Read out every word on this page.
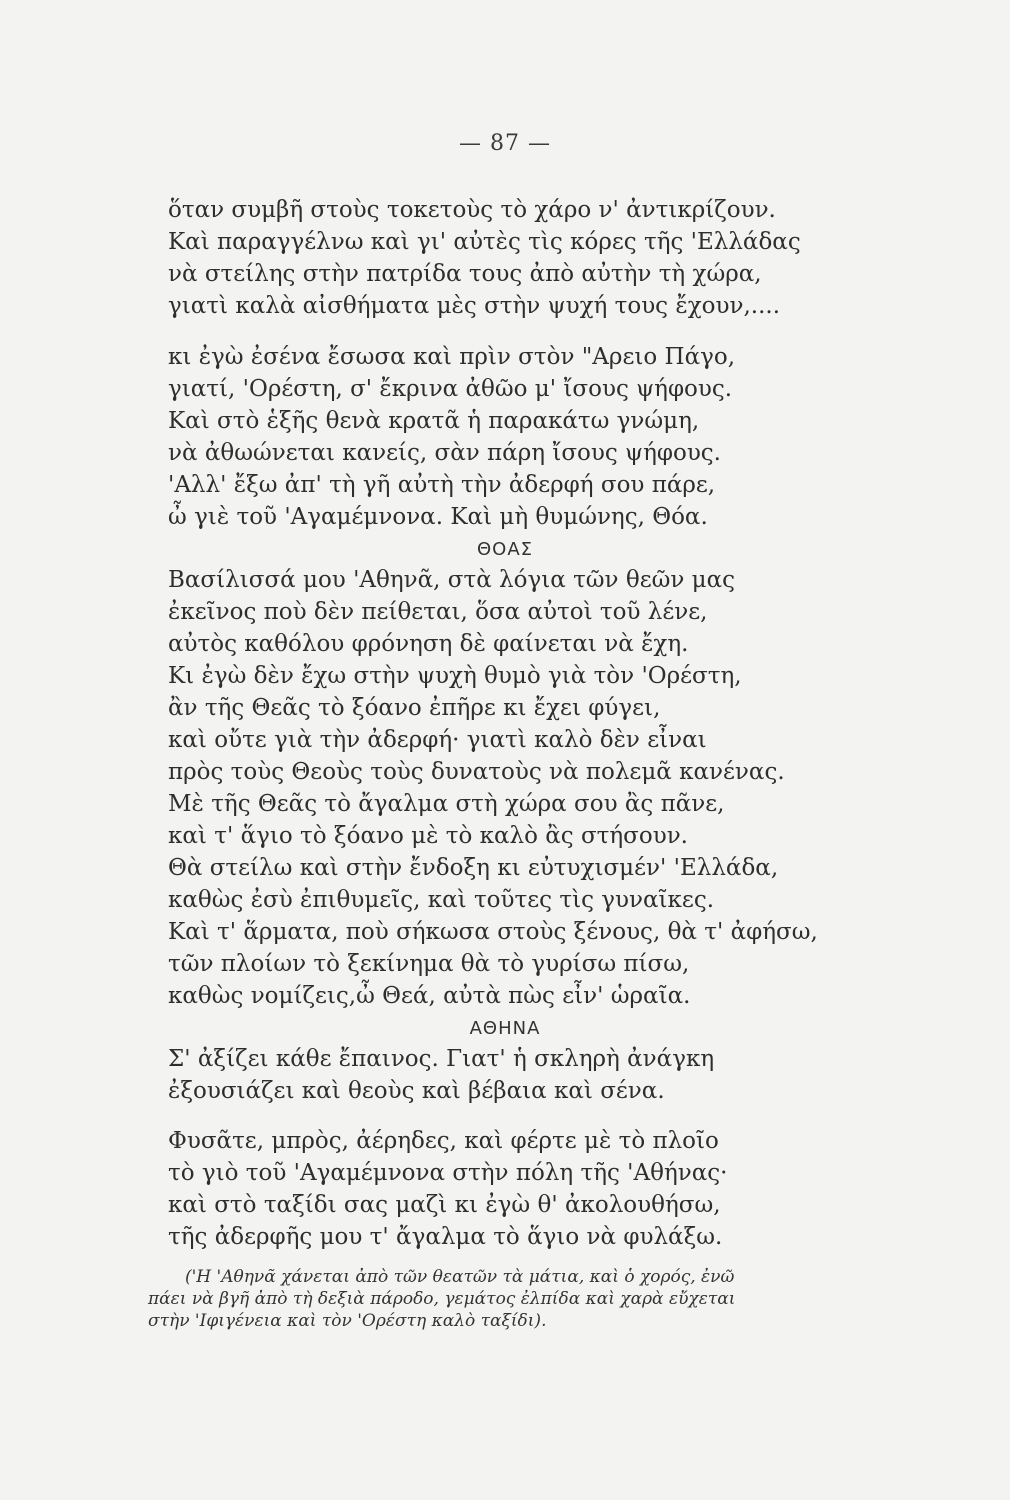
— 87 —
ὅταν συμβῆ στοὺς τοκετοὺς τὸ χάρο ν' ἀντικρίζουν.
Καὶ παραγγέλνω καὶ γι' αὐτὲς τὶς κόρες τῆς 'Ελλάδας
νὰ στείλης στὴν πατρίδα τους ἀπὸ αὐτὴν τὴ χώρα,
γιατὶ καλὰ αἰσθήματα μὲς στὴν ψυχή τους ἔχουν,....
κι ἐγὼ ἐσένα ἔσωσα καὶ πρὶν στὸν "Αρειο Πάγο,
γιατί, 'Ορέστη, σ' ἔκρινα ἀθῶο μ' ἴσους ψήφους.
Καὶ στὸ ἑξῆς θενὰ κρατᾶ ἡ παρακάτω γνώμη,
νὰ ἀθωώνεται κανείς, σὰν πάρη ἴσους ψήφους.
'Αλλ' ἔξω ἀπ' τὴ γῆ αὐτὴ τὴν ἀδερφή σου πάρε,
ὦ γιὲ τοῦ 'Αγαμέμνονα. Καὶ μὴ θυμώνης, Θόα.
ΘΟΑΣ
Βασίλισσά μου 'Αθηνᾶ, στὰ λόγια τῶν θεῶν μας
ἐκεῖνος ποὺ δὲν πείθεται, ὅσα αὐτοὶ τοῦ λένε,
αὐτὸς καθόλου φρόνηση δὲ φαίνεται νὰ ἔχη.
Κι ἐγὼ δὲν ἔχω στὴν ψυχὴ θυμὸ γιὰ τὸν 'Ορέστη,
ἂν τῆς Θεᾶς τὸ ξόανο ἐπῆρε κι ἔχει φύγει,
καὶ οὔτε γιὰ τὴν ἀδερφή· γιατὶ καλὸ δὲν εἶναι
πρὸς τοὺς Θεοὺς τοὺς δυνατοὺς νὰ πολεμᾶ κανένας.
Μὲ τῆς Θεᾶς τὸ ἄγαλμα στὴ χώρα σου ἂς πᾶνε,
καὶ τ' ἅγιο τὸ ξόανο μὲ τὸ καλὸ ἂς στήσουν.
Θὰ στείλω καὶ στὴν ἔνδοξη κι εὐτυχισμέν' 'Ελλάδα,
καθὼς ἐσὺ ἐπιθυμεῖς, καὶ τοῦτες τὶς γυναῖκες.
Καὶ τ' ἅρματα, ποὺ σήκωσα στοὺς ξένους, θὰ τ' ἀφήσω,
τῶν πλοίων τὸ ξεκίνημα θὰ τὸ γυρίσω πίσω,
καθὼς νομίζεις,ὦ Θεά, αὐτὰ πὼς εἶν' ὡραῖα.
ΑΘΗΝΑ
Σ' ἀξίζει κάθε ἔπαινος. Γιατ' ἡ σκληρὴ ἀνάγκη
ἐξουσιάζει καὶ θεοὺς καὶ βέβαια καὶ σένα.
Φυσᾶτε, μπρὸς, ἀέρηδες, καὶ φέρτε μὲ τὸ πλοῖο
τὸ γιὸ τοῦ 'Αγαμέμνονα στὴν πόλη τῆς 'Αθήνας·
καὶ στὸ ταξίδι σας μαζὶ κι ἐγὼ θ' ἀκολουθήσω,
τῆς ἀδερφῆς μου τ' ἄγαλμα τὸ ἅγιο νὰ φυλάξω.
('Η 'Αθηνᾶ χάνεται ἀπὸ τῶν θεατῶν τὰ μάτια, καὶ ὁ χορός, ἐνῶ
πάει νὰ βγῆ ἀπὸ τὴ δεξιὰ πάροδο, γεμάτος ἐλπίδα καὶ χαρὰ εὔχεται
στὴν 'Ιφιγένεια καὶ τὸν 'Ορέστη καλὸ ταξίδι).
